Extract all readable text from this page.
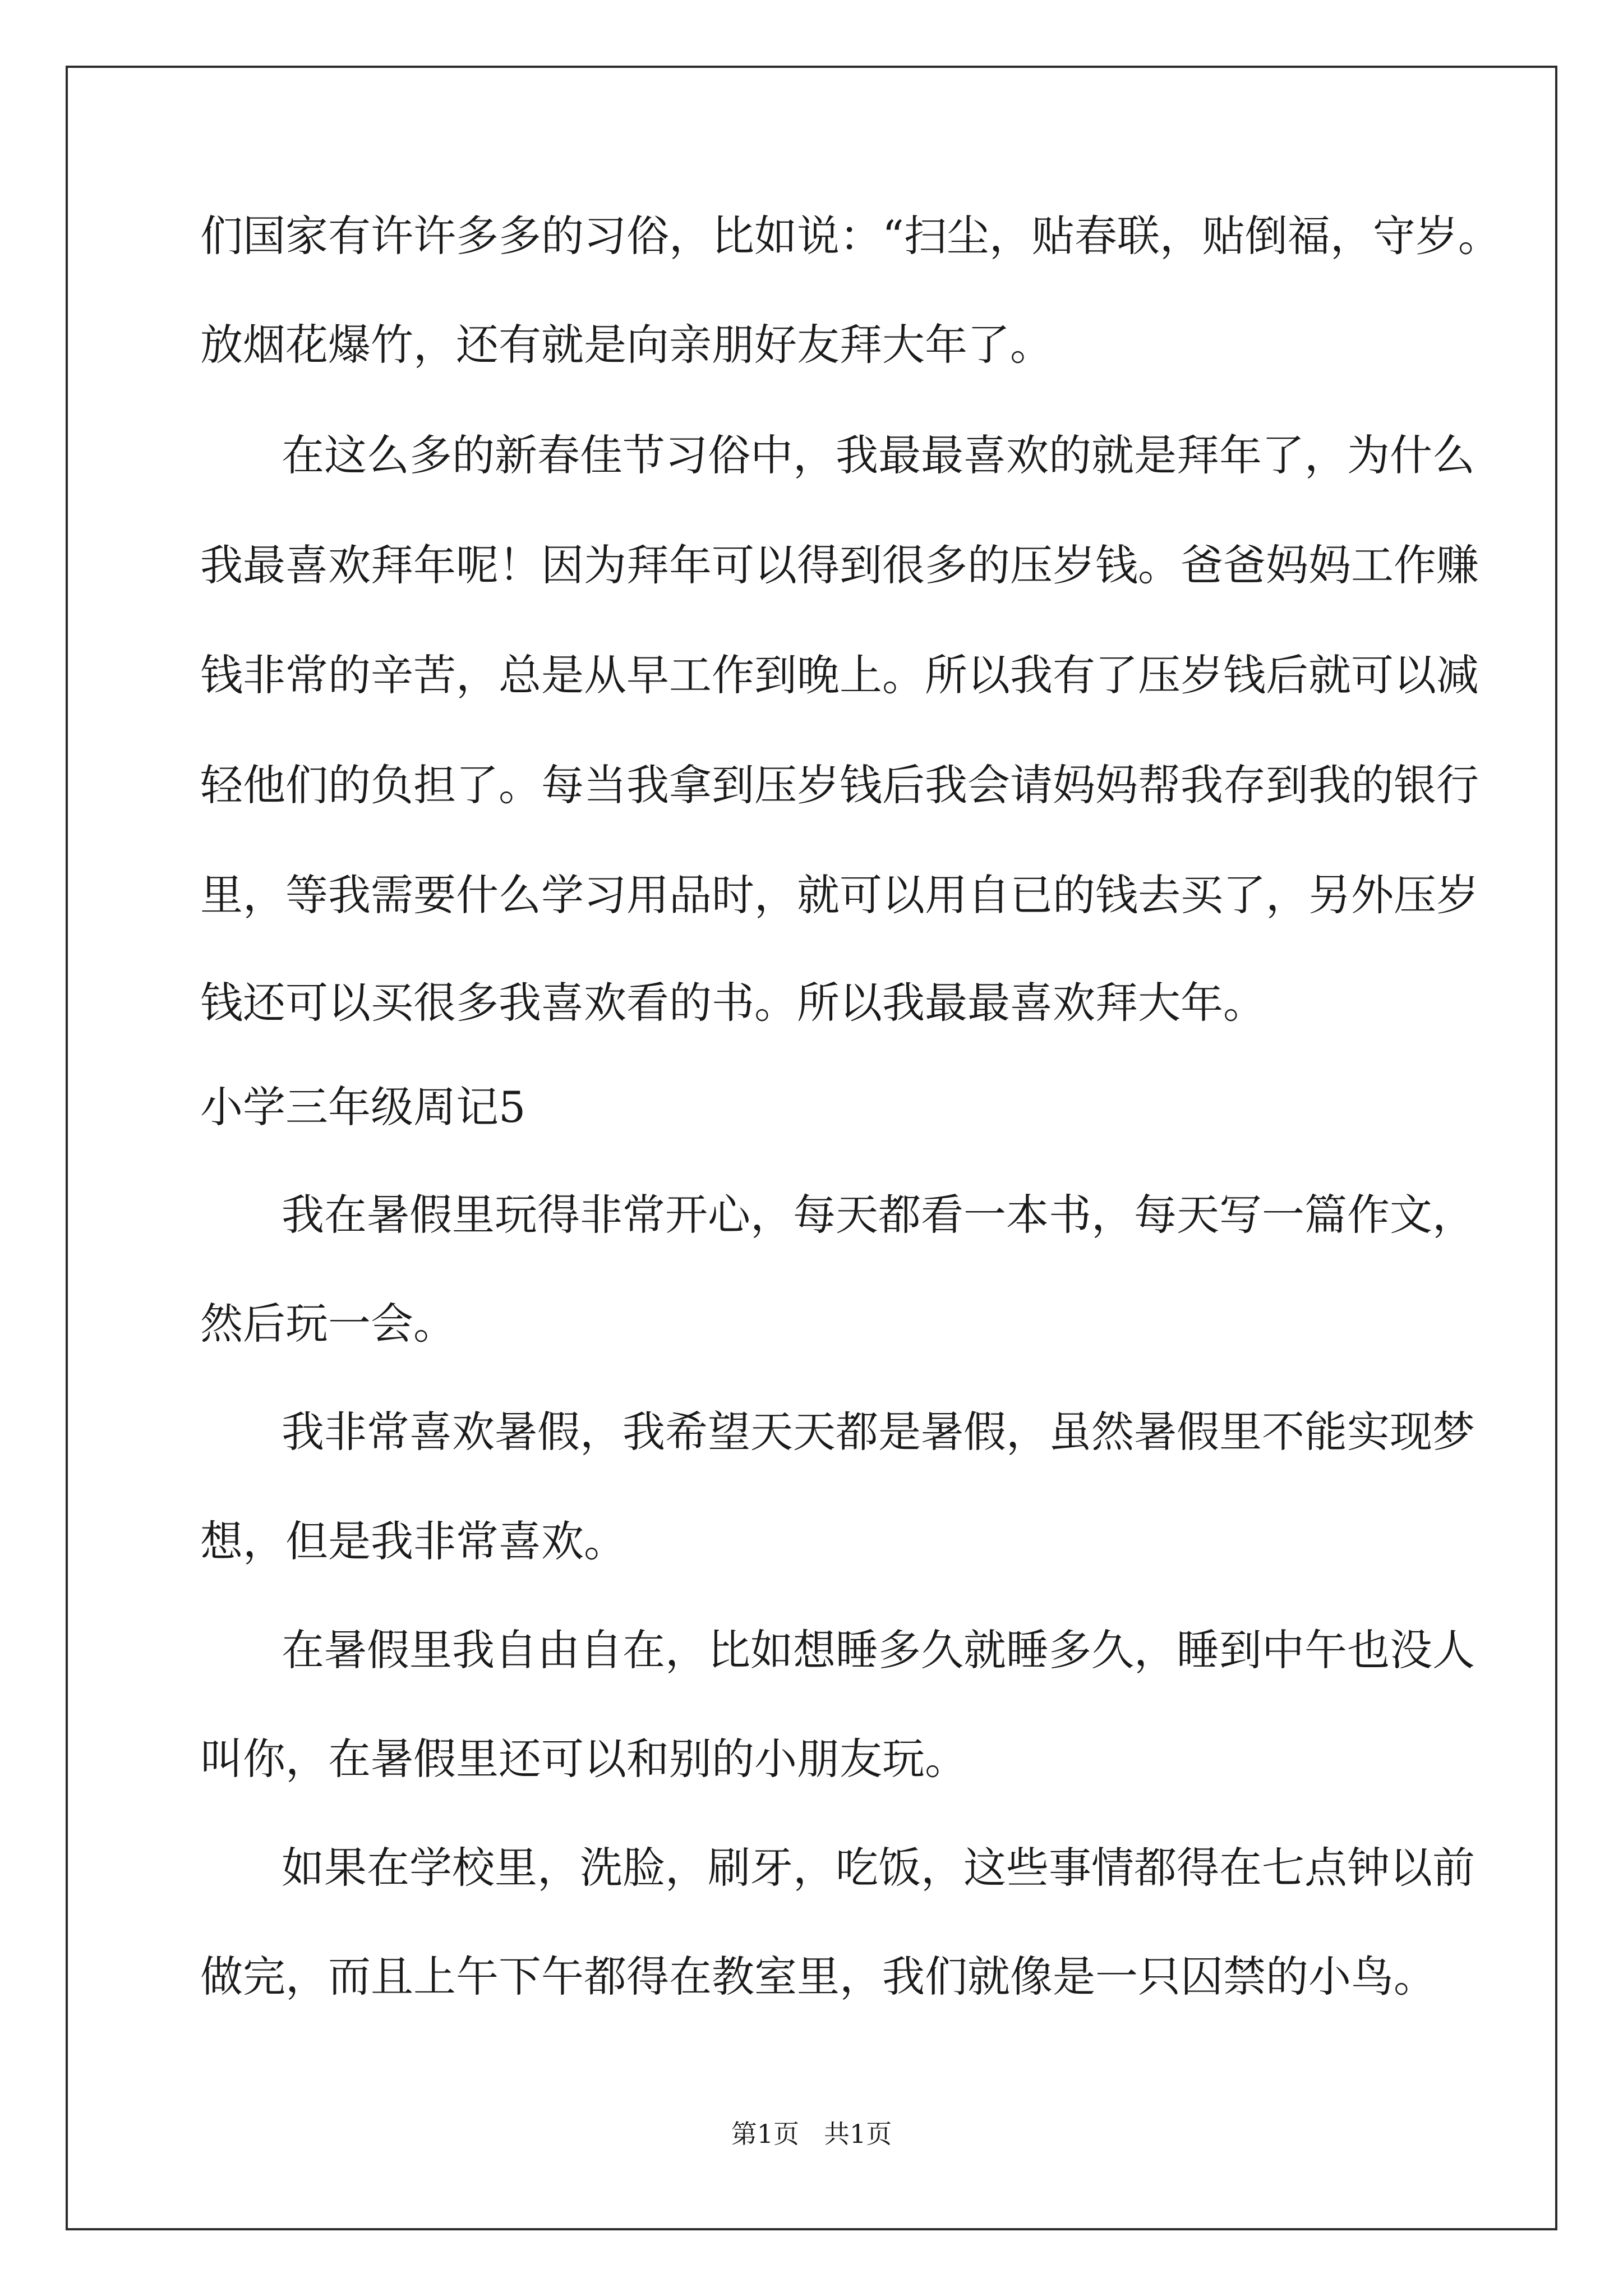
们国家有许许多多的习俗，比如说：“扫尘，贴春联，贴倒福，守岁。

放烟花爆竹，还有就是向亲朋好友拜大年了。

在这么多的新春佳节习俗中，我最最喜欢的就是拜年了，为什么

我最喜欢拜年呢！因为拜年可以得到很多的压岁钱。爸爸妈妈工作赚

钱非常的辛苦，总是从早工作到晚上。所以我有了压岁钱后就可以减

轻他们的负担了。每当我拿到压岁钱后我会请妈妈帮我存到我的银行

里，等我需要什么学习用品时，就可以用自已的钱去买了，另外压岁

钱还可以买很多我喜欢看的书。所以我最最喜欢拜大年。

小学三年级周记5

我在暑假里玩得非常开心，每天都看一本书，每天写一篇作文，

然后玩一会。

我非常喜欢暑假，我希望天天都是暑假，虽然暑假里不能实现梦

想，但是我非常喜欢。

在暑假里我自由自在，比如想睡多久就睡多久，睡到中午也没人

叫你，在暑假里还可以和别的小朋友玩。

如果在学校里，洗脸，刷牙，吃饭，这些事情都得在七点钟以前

做完，而且上午下午都得在教室里，我们就像是一只囚禁的小鸟。

第1页 共1页
